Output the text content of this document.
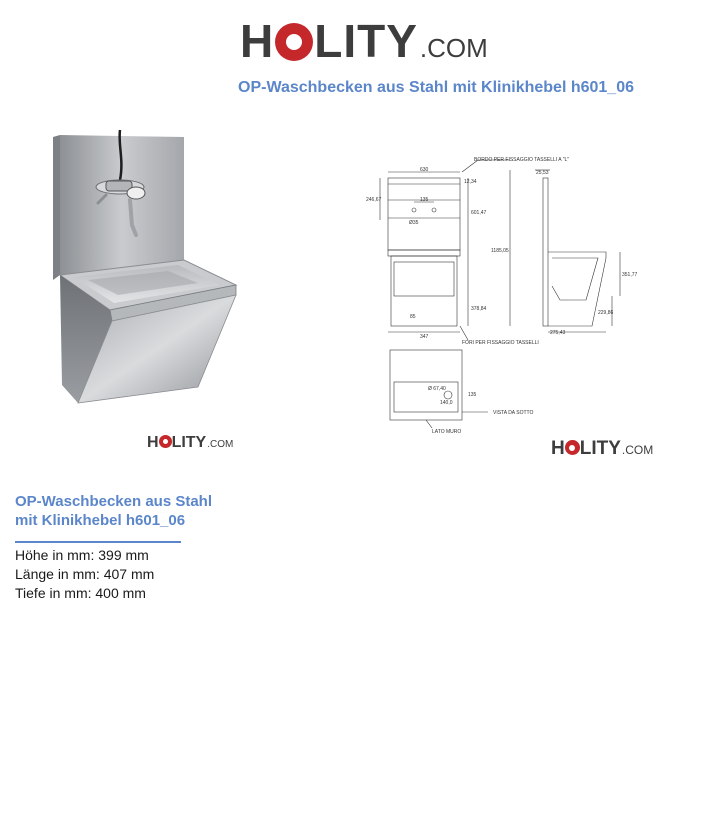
H LITY .COM
OP-Waschbecken aus Stahl mit Klinikhebel h601_06
H LITY .COM
BORDO PER FISSAGGIO TASSELLI A "L"
FORI PER FISSAGGIO TASSELLI
VISTA DA SOTTO
LATO MURO
630
12,34
246,67	135
Ø35
601,47
1185,05
378,84
85
347
25,53
351,77
229,86
275,43
135
Ø 67,40
140,0
H LITY .COM
OP-Waschbecken aus Stahl
mit Klinikhebel h601_06
Höhe in mm: 399 mm
Länge in mm: 407 mm
Tiefe in mm: 400 mm
